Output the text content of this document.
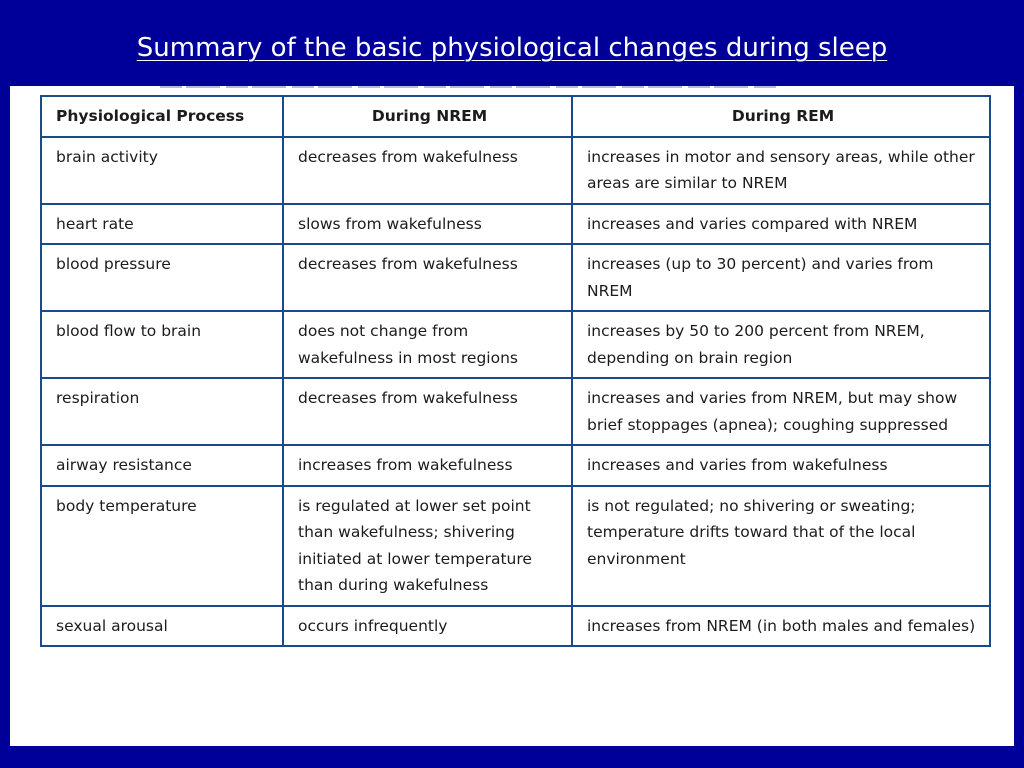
Summary of the basic physiological changes during sleep
Physiological Process	During NREM	During REM
brain activity	decreases from wakefulness	increases in motor and sensory areas, while other areas are similar to NREM
heart rate	slows from wakefulness	increases and varies compared with NREM
blood pressure	decreases from wakefulness	increases (up to 30 percent) and varies from NREM
blood flow to brain	does not change from wakefulness in most regions	increases by 50 to 200 percent from NREM, depending on brain region
respiration	decreases from wakefulness	increases and varies from NREM, but may show brief stoppages (apnea); coughing suppressed
airway resistance	increases from wakefulness	increases and varies from wakefulness
body temperature	is regulated at lower set point than wakefulness; shivering initiated at lower temperature than during wakefulness	is not regulated; no shivering or sweating; temperature drifts toward that of the local environment
sexual arousal	occurs infrequently	increases from NREM (in both males and females)
